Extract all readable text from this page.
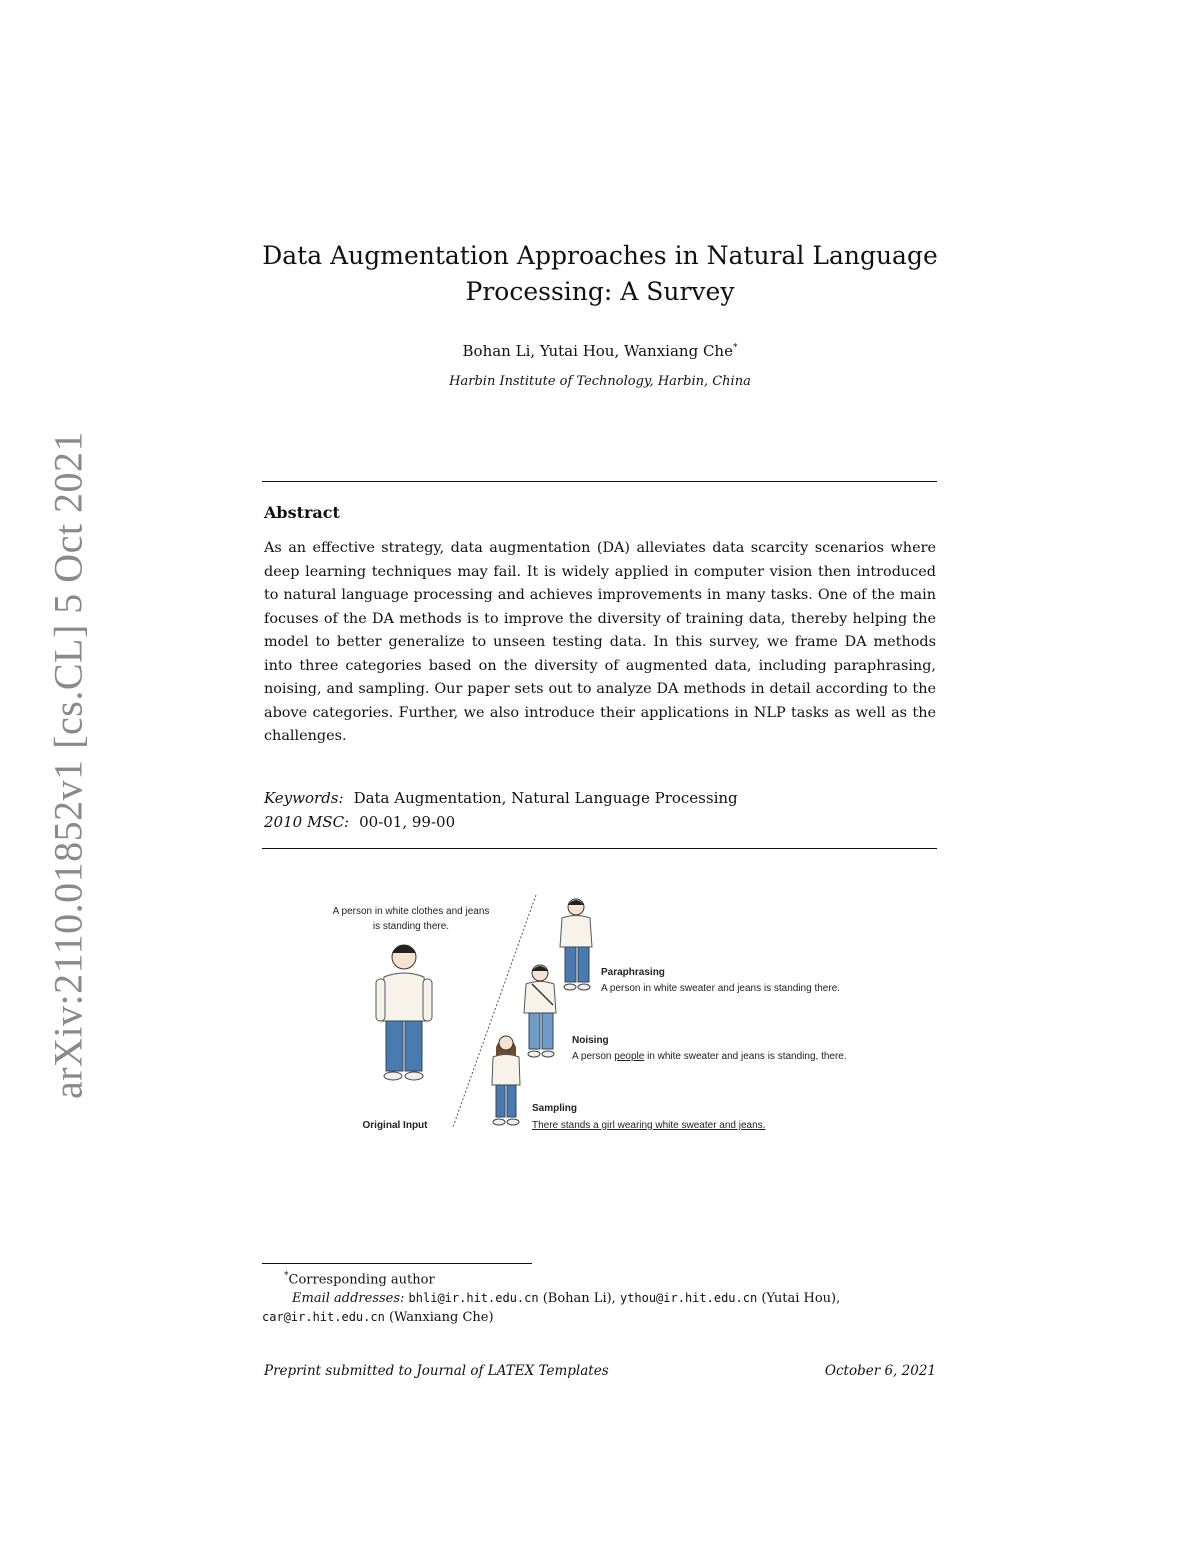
arXiv:2110.01852v1 [cs.CL] 5 Oct 2021
Data Augmentation Approaches in Natural Language
Processing: A Survey
Bohan Li, Yutai Hou, Wanxiang Che*
Harbin Institute of Technology, Harbin, China
Abstract
As an effective strategy, data augmentation (DA) alleviates data scarcity scenarios where deep learning techniques may fail. It is widely applied in computer vision then introduced to natural language processing and achieves improvements in many tasks. One of the main focuses of the DA methods is to improve the diversity of training data, thereby helping the model to better generalize to unseen testing data. In this survey, we frame DA methods into three categories based on the diversity of augmented data, including paraphrasing, noising, and sampling. Our paper sets out to analyze DA methods in detail according to the above categories. Further, we also introduce their applications in NLP tasks as well as the challenges.
Keywords: Data Augmentation, Natural Language Processing
2010 MSC: 00-01, 99-00
A person in white clothes and jeans
is standing there.
Original Input
Paraphrasing
A person in white sweater and jeans is standing there.
Noising
A person people in white sweater and jeans is standing, there.
Sampling
There stands a girl wearing white sweater and jeans.
*Corresponding author
Email addresses: bhli@ir.hit.edu.cn (Bohan Li), ythou@ir.hit.edu.cn (Yutai Hou),
car@ir.hit.edu.cn (Wanxiang Che)
Preprint submitted to Journal of LATEX Templates	October 6, 2021
